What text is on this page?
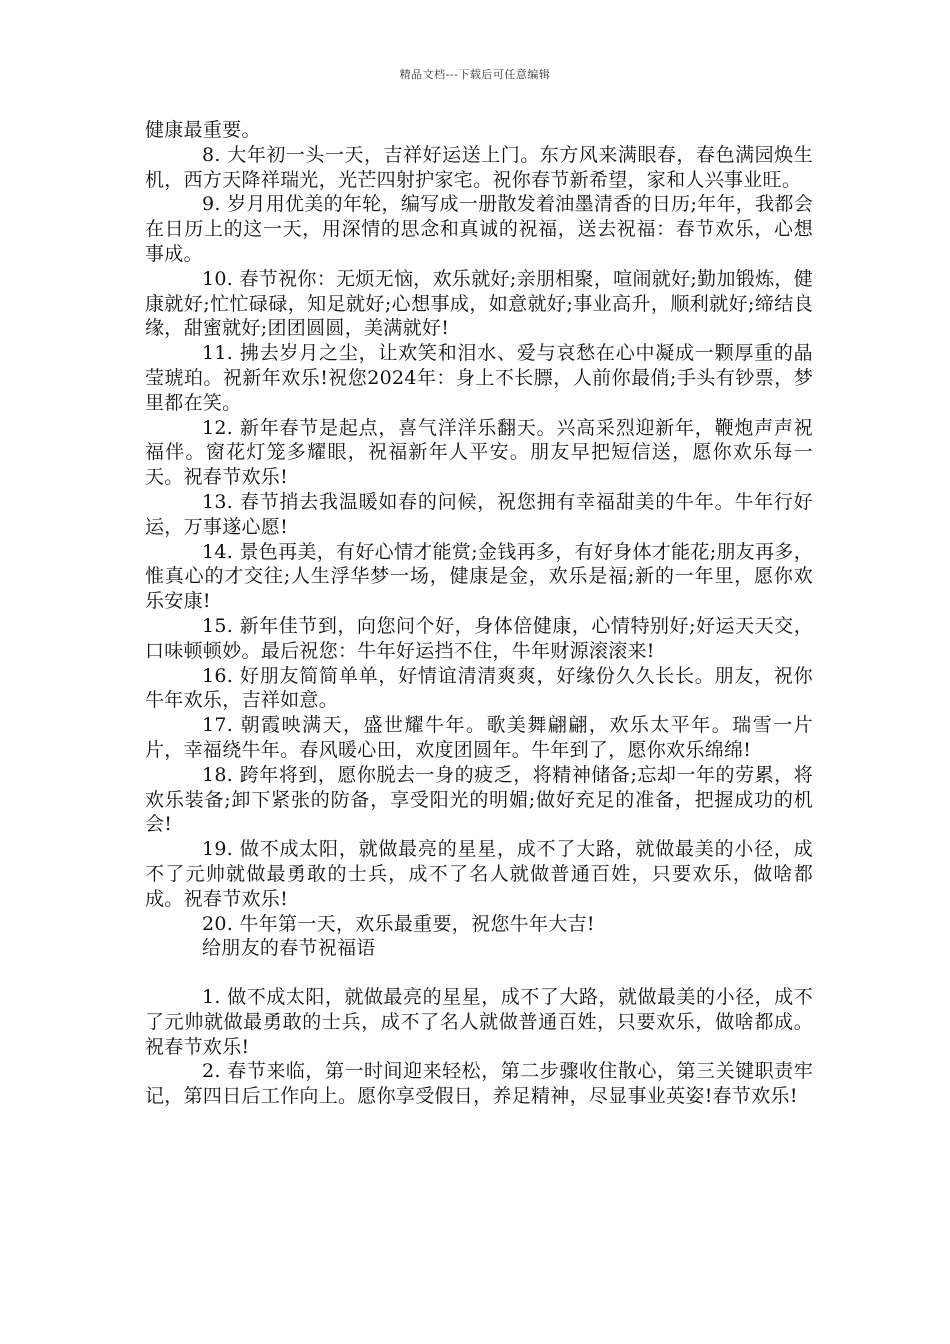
精品文档---下载后可任意编辑

健康最重要。

8. 大年初一头一天，吉祥好运送上门。东方风来满眼春，春色满园焕生机，西方天降祥瑞光，光芒四射护家宅。祝你春节新希望，家和人兴事业旺。

9. 岁月用优美的年轮，编写成一册散发着油墨清香的日历;年年，我都会在日历上的这一天，用深情的思念和真诚的祝福，送去祝福：春节欢乐，心想事成。

10. 春节祝你：无烦无恼，欢乐就好;亲朋相聚，喧闹就好;勤加锻炼，健康就好;忙忙碌碌，知足就好;心想事成，如意就好;事业高升，顺利就好;缔结良缘，甜蜜就好;团团圆圆，美满就好!

11. 拂去岁月之尘，让欢笑和泪水、爱与哀愁在心中凝成一颗厚重的晶莹琥珀。祝新年欢乐!祝您2024年：身上不长膘，人前你最俏;手头有钞票，梦里都在笑。

12. 新年春节是起点，喜气洋洋乐翻天。兴高采烈迎新年，鞭炮声声祝福伴。窗花灯笼多耀眼，祝福新年人平安。朋友早把短信送，愿你欢乐每一天。祝春节欢乐!

13. 春节捎去我温暖如春的问候，祝您拥有幸福甜美的牛年。牛年行好运，万事遂心愿!

14. 景色再美，有好心情才能赏;金钱再多，有好身体才能花;朋友再多，惟真心的才交往;人生浮华梦一场，健康是金，欢乐是福;新的一年里，愿你欢乐安康!

15. 新年佳节到，向您问个好，身体倍健康，心情特别好;好运天天交，口味顿顿妙。最后祝您：牛年好运挡不住，牛年财源滚滚来!

16. 好朋友简简单单，好情谊清清爽爽，好缘份久久长长。朋友，祝你牛年欢乐，吉祥如意。

17. 朝霞映满天，盛世耀牛年。歌美舞翩翩，欢乐太平年。瑞雪一片片，幸福绕牛年。春风暖心田，欢度团圆年。牛年到了，愿你欢乐绵绵!

18. 跨年将到，愿你脱去一身的疲乏，将精神储备;忘却一年的劳累，将欢乐装备;卸下紧张的防备，享受阳光的明媚;做好充足的准备，把握成功的机会!

19. 做不成太阳，就做最亮的星星，成不了大路，就做最美的小径，成不了元帅就做最勇敢的士兵，成不了名人就做普通百姓，只要欢乐，做啥都成。祝春节欢乐!

20. 牛年第一天，欢乐最重要，祝您牛年大吉!

给朋友的春节祝福语

1. 做不成太阳，就做最亮的星星，成不了大路，就做最美的小径，成不了元帅就做最勇敢的士兵，成不了名人就做普通百姓，只要欢乐，做啥都成。祝春节欢乐!

2. 春节来临，第一时间迎来轻松，第二步骤收住散心，第三关键职责牢记，第四日后工作向上。愿你享受假日，养足精神，尽显事业英姿!春节欢乐!
